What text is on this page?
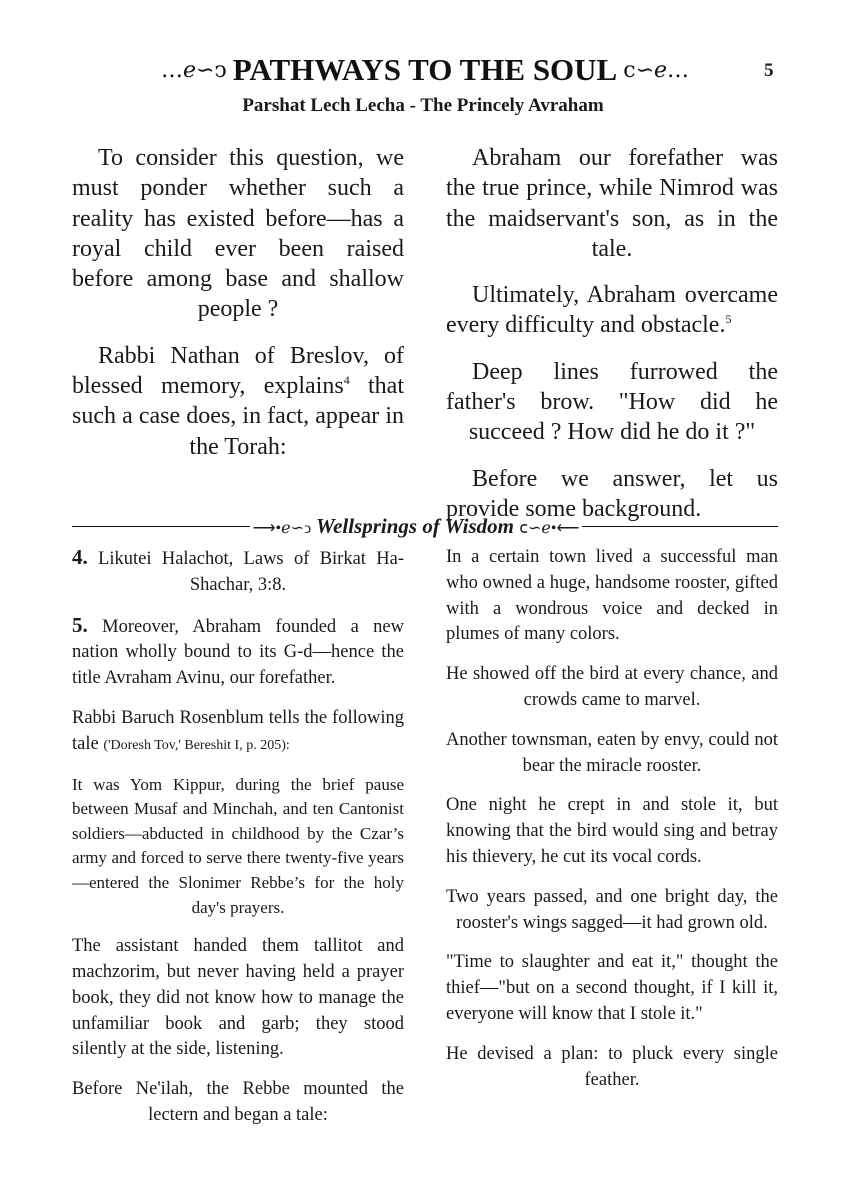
…ℯ∽ↄ PATHWAYS TO THE SOUL ⅽ∽ℯ…	5
Parshat Lech Lecha - The Princely Avraham

To consider this question, we must ponder whether such a reality has existed before—has a royal child ever been raised before among base and shallow people ?

Rabbi Nathan of Breslov, of blessed memory, explains$^4$ that such a case does, in fact, appear in the Torah:

Abraham our forefather was the true prince, while Nimrod was the maidservant's son, as in the tale.

Ultimately, Abraham overcame every difficulty and obstacle.$^5$

Deep lines furrowed the father's brow. "How did he succeed ? How did he do it ?"

Before we answer, let us provide some background.

⟶•ℯ∽ↄ Wellsprings of Wisdom ⅽ∽ℯ•⟵

4. Likutei Halachot, Laws of Birkat Ha-Shachar, 3:8.

5. Moreover, Abraham founded a new nation wholly bound to its G-d—hence the title Avraham Avinu, our forefather.

Rabbi Baruch Rosenblum tells the following tale ('Doresh Tov,' Bereshit I, p. 205):

It was Yom Kippur, during the brief pause between Musaf and Minchah, and ten Cantonist soldiers—abducted in childhood by the Czar’s army and forced to serve there twenty-five years—entered the Slonimer Rebbe’s for the holy day's prayers.

The assistant handed them tallitot and machzorim, but never having held a prayer book, they did not know how to manage the unfamiliar book and garb; they stood silently at the side, listening.

Before Ne'ilah, the Rebbe mounted the lectern and began a tale:

In a certain town lived a successful man who owned a huge, handsome rooster, gifted with a wondrous voice and decked in plumes of many colors.

He showed off the bird at every chance, and crowds came to marvel.

Another townsman, eaten by envy, could not bear the miracle rooster.

One night he crept in and stole it, but knowing that the bird would sing and betray his thievery, he cut its vocal cords.

Two years passed, and one bright day, the rooster's wings sagged—it had grown old.

"Time to slaughter and eat it," thought the thief—"but on a second thought, if I kill it, everyone will know that I stole it."

He devised a plan: to pluck every single feather.
